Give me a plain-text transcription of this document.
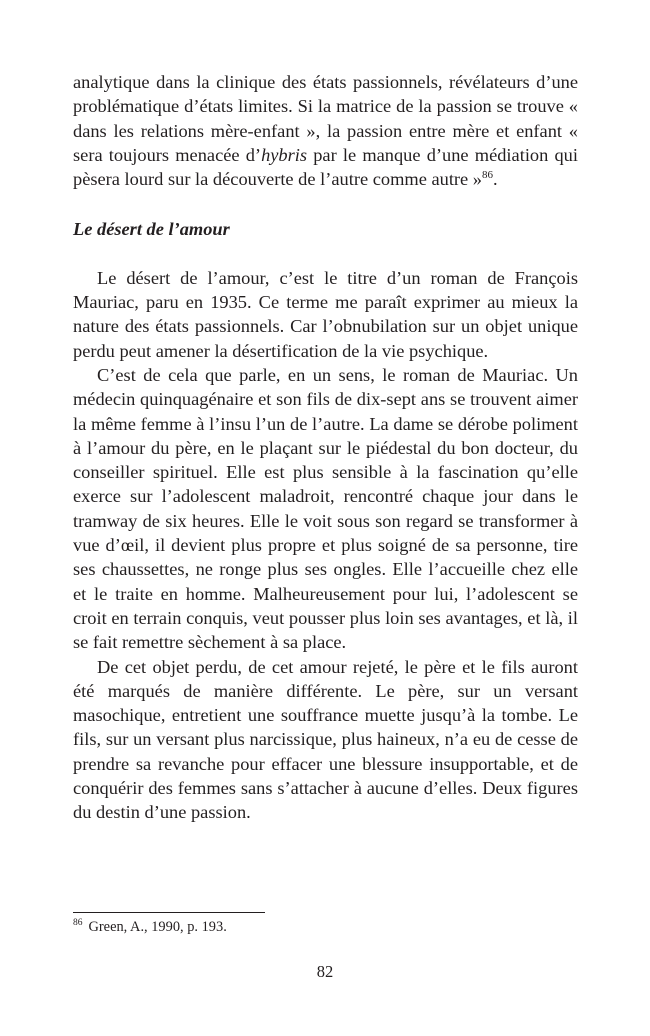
analytique dans la clinique des états passionnels, révélateurs d’une problématique d’états limites. Si la matrice de la passion se trouve « dans les relations mère-enfant », la passion entre mère et enfant « sera toujours menacée d’hybris par le manque d’une médiation qui pèsera lourd sur la découverte de l’autre comme autre »$^{86}$.

Le désert de l’amour

Le désert de l’amour, c’est le titre d’un roman de François Mauriac, paru en 1935. Ce terme me paraît exprimer au mieux la nature des états passionnels. Car l’obnubilation sur un objet unique perdu peut amener la désertification de la vie psychique.

C’est de cela que parle, en un sens, le roman de Mauriac. Un médecin quinquagénaire et son fils de dix-sept ans se trouvent aimer la même femme à l’insu l’un de l’autre. La dame se dérobe poliment à l’amour du père, en le plaçant sur le piédestal du bon docteur, du conseiller spirituel. Elle est plus sensible à la fascination qu’elle exerce sur l’adolescent maladroit, rencontré chaque jour dans le tramway de six heures. Elle le voit sous son regard se transformer à vue d’œil, il devient plus propre et plus soigné de sa personne, tire ses chaussettes, ne ronge plus ses ongles. Elle l’accueille chez elle et le traite en homme. Malheureusement pour lui, l’adolescent se croit en terrain conquis, veut pousser plus loin ses avantages, et là, il se fait remettre sèchement à sa place.

De cet objet perdu, de cet amour rejeté, le père et le fils auront été marqués de manière différente. Le père, sur un versant masochique, entretient une souffrance muette jusqu’à la tombe. Le fils, sur un versant plus narcissique, plus haineux, n’a eu de cesse de prendre sa revanche pour effacer une blessure insupportable, et de conquérir des femmes sans s’attacher à aucune d’elles. Deux figures du destin d’une passion.

$^{86}$ Green, A., 1990, p. 193.
82
